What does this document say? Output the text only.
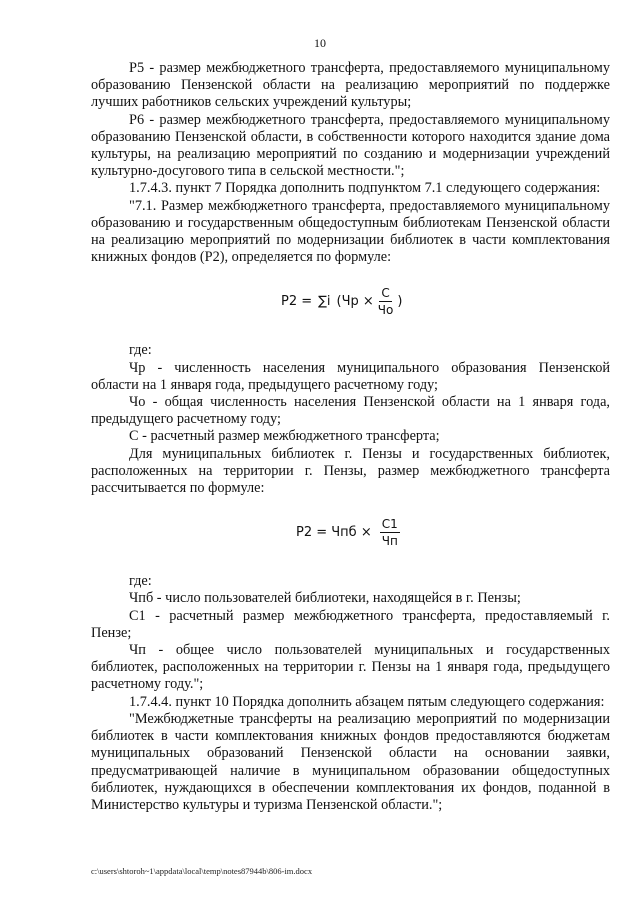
10

Р5 - размер межбюджетного трансферта, предоставляемого муниципальному образованию Пензенской области на реализацию мероприятий по поддержке лучших работников сельских учреждений культуры;

Р6 - размер межбюджетного трансферта, предоставляемого муниципальному образованию Пензенской области, в собственности которого находится здание дома культуры, на реализацию мероприятий по созданию и модернизации учреждений культурно-досугового типа в сельской местности.";

1.7.4.3. пункт 7 Порядка дополнить подпунктом 7.1 следующего содержания:

"7.1. Размер межбюджетного трансферта, предоставляемого муниципальному образованию и государственным общедоступным библиотекам Пензенской области на реализацию мероприятий по модернизации библиотек в части комплектования книжных фондов (Р2), определяется по формуле:

Р2 = ∑i ($Чр \times \frac{С}{Чо}$ )

где:

Чр - численность населения муниципального образования Пензенской области на 1 января года, предыдущего расчетному году;

Чо - общая численность населения Пензенской области на 1 января года, предыдущего расчетному году;

С - расчетный размер межбюджетного трансферта;

Для муниципальных библиотек г. Пензы и государственных библиотек, расположенных на территории г. Пензы, размер межбюджетного трансферта рассчитывается по формуле:

Р2 = Чпб × $\frac{С1}{Чп}$

где:

Чпб - число пользователей библиотеки, находящейся в г. Пензы;

С1 - расчетный размер межбюджетного трансферта, предоставляемый г. Пензе;

Чп - общее число пользователей муниципальных и государственных библиотек, расположенных на территории г. Пензы на 1 января года, предыдущего расчетному году.";

1.7.4.4. пункт 10 Порядка дополнить абзацем пятым следующего содержания:

"Межбюджетные трансферты на реализацию мероприятий по модернизации библиотек в части комплектования книжных фондов предоставляются бюджетам муниципальных образований Пензенской области на основании заявки, предусматривающей наличие в муниципальном образовании общедоступных библиотек, нуждающихся в обеспечении комплектования их фондов, поданной в Министерство культуры и туризма Пензенской области.";

c:\users\shtoroh~1\appdata\local\temp\notes87944b\806-im.docx
